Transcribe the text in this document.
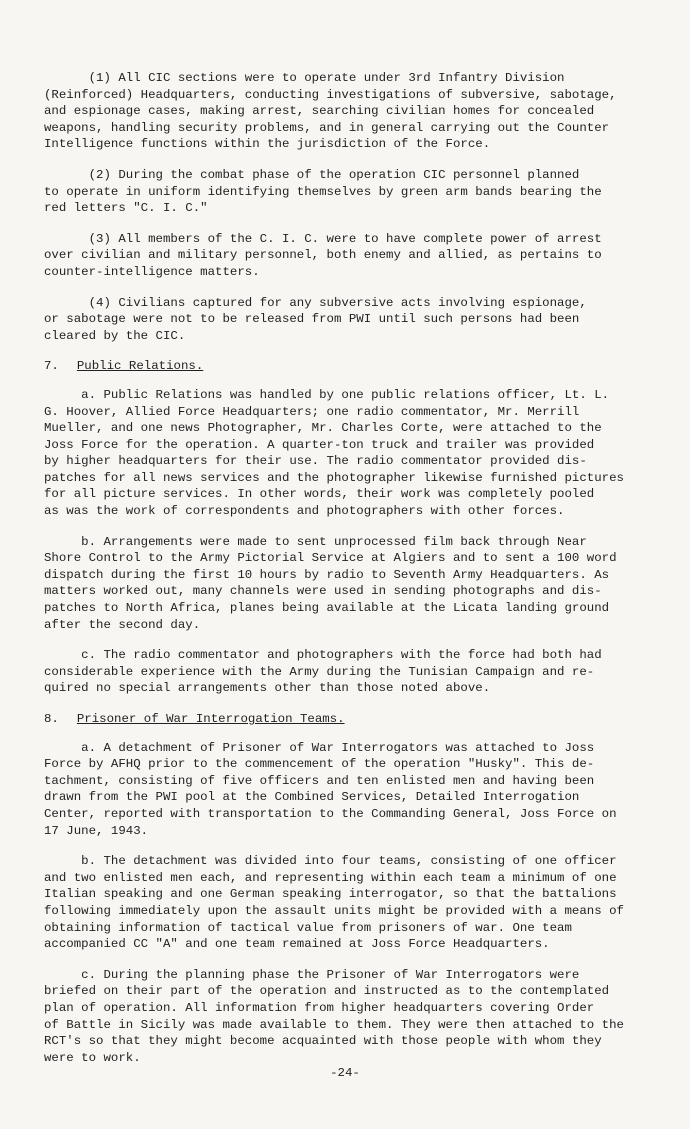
(1) All CIC sections were to operate under 3rd Infantry Division
(Reinforced) Headquarters, conducting investigations of subversive, sabotage,
and espionage cases, making arrest, searching civilian homes for concealed
weapons, handling security problems, and in general carrying out the Counter
Intelligence functions within the jurisdiction of the Force.
(2) During the combat phase of the operation CIC personnel planned
to operate in uniform identifying themselves by green arm bands bearing the
red letters "C. I. C."
(3) All members of the C. I. C. were to have complete power of arrest
over civilian and military personnel, both enemy and allied, as pertains to
counter-intelligence matters.
(4) Civilians captured for any subversive acts involving espionage,
or sabotage were not to be released from PWI until such persons had been
cleared by the CIC.
7. Public Relations.
a. Public Relations was handled by one public relations officer, Lt. L.
G. Hoover, Allied Force Headquarters; one radio commentator, Mr. Merrill
Mueller, and one news Photographer, Mr. Charles Corte, were attached to the
Joss Force for the operation. A quarter-ton truck and trailer was provided
by higher headquarters for their use. The radio commentator provided dis-
patches for all news services and the photographer likewise furnished pictures
for all picture services. In other words, their work was completely pooled
as was the work of correspondents and photographers with other forces.
b. Arrangements were made to sent unprocessed film back through Near
Shore Control to the Army Pictorial Service at Algiers and to sent a 100 word
dispatch during the first 10 hours by radio to Seventh Army Headquarters. As
matters worked out, many channels were used in sending photographs and dis-
patches to North Africa, planes being available at the Licata landing ground
after the second day.
c. The radio commentator and photographers with the force had both had
considerable experience with the Army during the Tunisian Campaign and re-
quired no special arrangements other than those noted above.
8. Prisoner of War Interrogation Teams.
a. A detachment of Prisoner of War Interrogators was attached to Joss
Force by AFHQ prior to the commencement of the operation "Husky". This de-
tachment, consisting of five officers and ten enlisted men and having been
drawn from the PWI pool at the Combined Services, Detailed Interrogation
Center, reported with transportation to the Commanding General, Joss Force on
17 June, 1943.
b. The detachment was divided into four teams, consisting of one officer
and two enlisted men each, and representing within each team a minimum of one
Italian speaking and one German speaking interrogator, so that the battalions
following immediately upon the assault units might be provided with a means of
obtaining information of tactical value from prisoners of war. One team
accompanied CC "A" and one team remained at Joss Force Headquarters.
c. During the planning phase the Prisoner of War Interrogators were
briefed on their part of the operation and instructed as to the contemplated
plan of operation. All information from higher headquarters covering Order
of Battle in Sicily was made available to them. They were then attached to the
RCT's so that they might become acquainted with those people with whom they
were to work.
-24-
